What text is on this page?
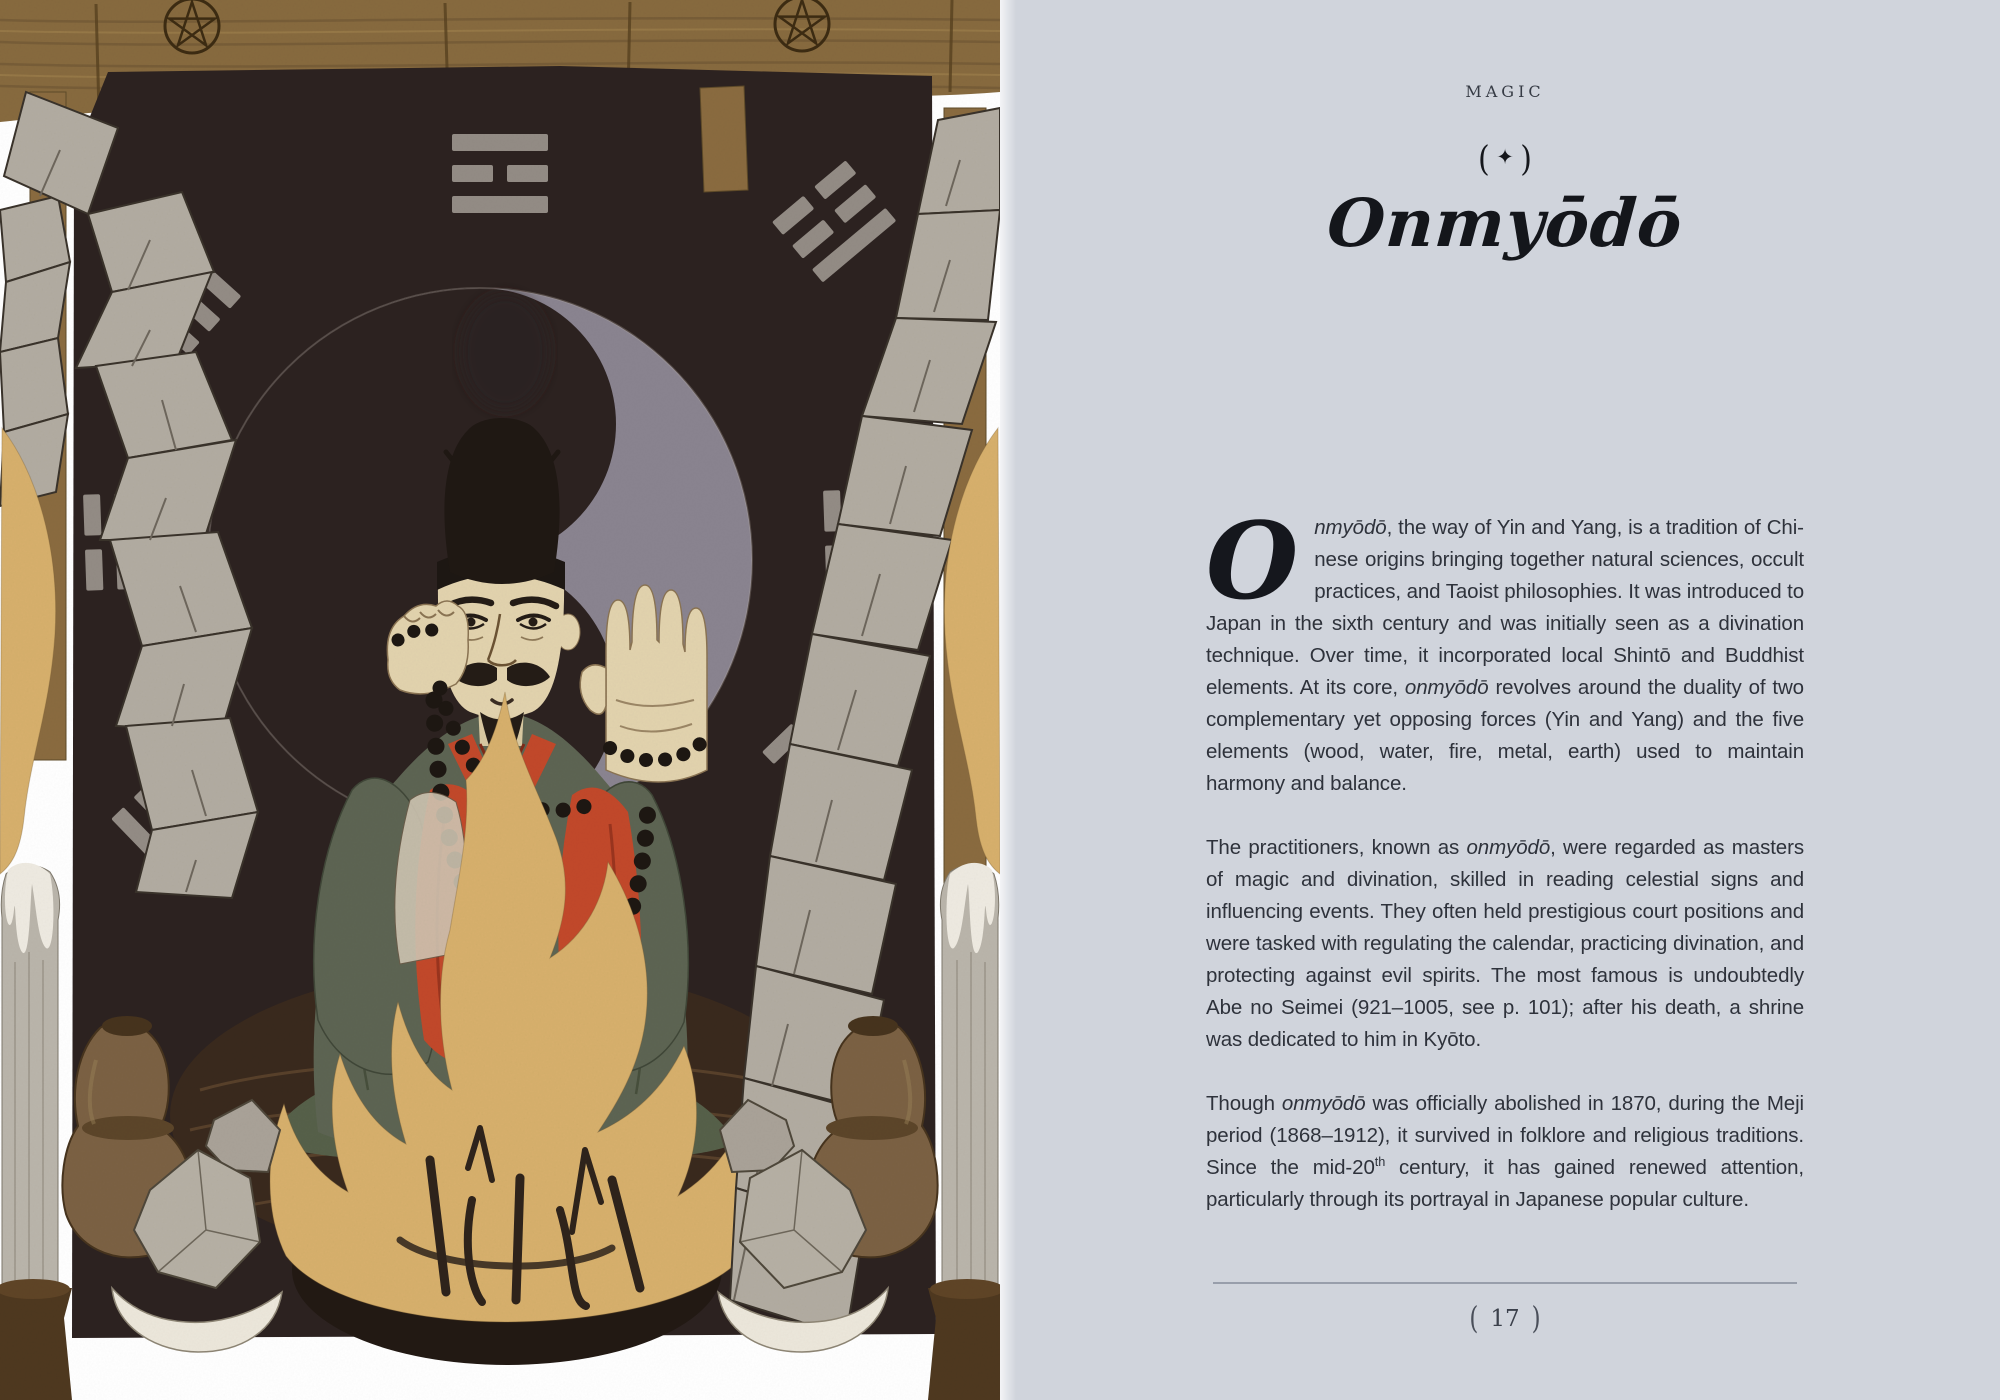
MAGIC
( ✦ )
Onmyōdō

Onmyōdō, the way of Yin and Yang, is a tradition of Chinese origins bringing together natural sciences, occult practices, and Taoist philosophies. It was introduced to Japan in the sixth century and was initially seen as a divination technique. Over time, it incorporated local Shintō and Buddhist elements. At its core, onmyōdō revolves around the duality of two complementary yet opposing forces (Yin and Yang) and the five elements (wood, water, fire, metal, earth) used to maintain harmony and balance.

The practitioners, known as onmyōdō, were regarded as masters of magic and divination, skilled in reading celestial signs and influencing events. They often held prestigious court positions and were tasked with regulating the calendar, practicing divination, and protecting against evil spirits. The most famous is undoubtedly Abe no Seimei (921–1005, see p. 101); after his death, a shrine was dedicated to him in Kyōto.

Though onmyōdō was officially abolished in 1870, during the Meji period (1868–1912), it survived in folklore and religious traditions. Since the mid-20th century, it has gained renewed attention, particularly through its portrayal in Japanese popular culture.

( 17 )
